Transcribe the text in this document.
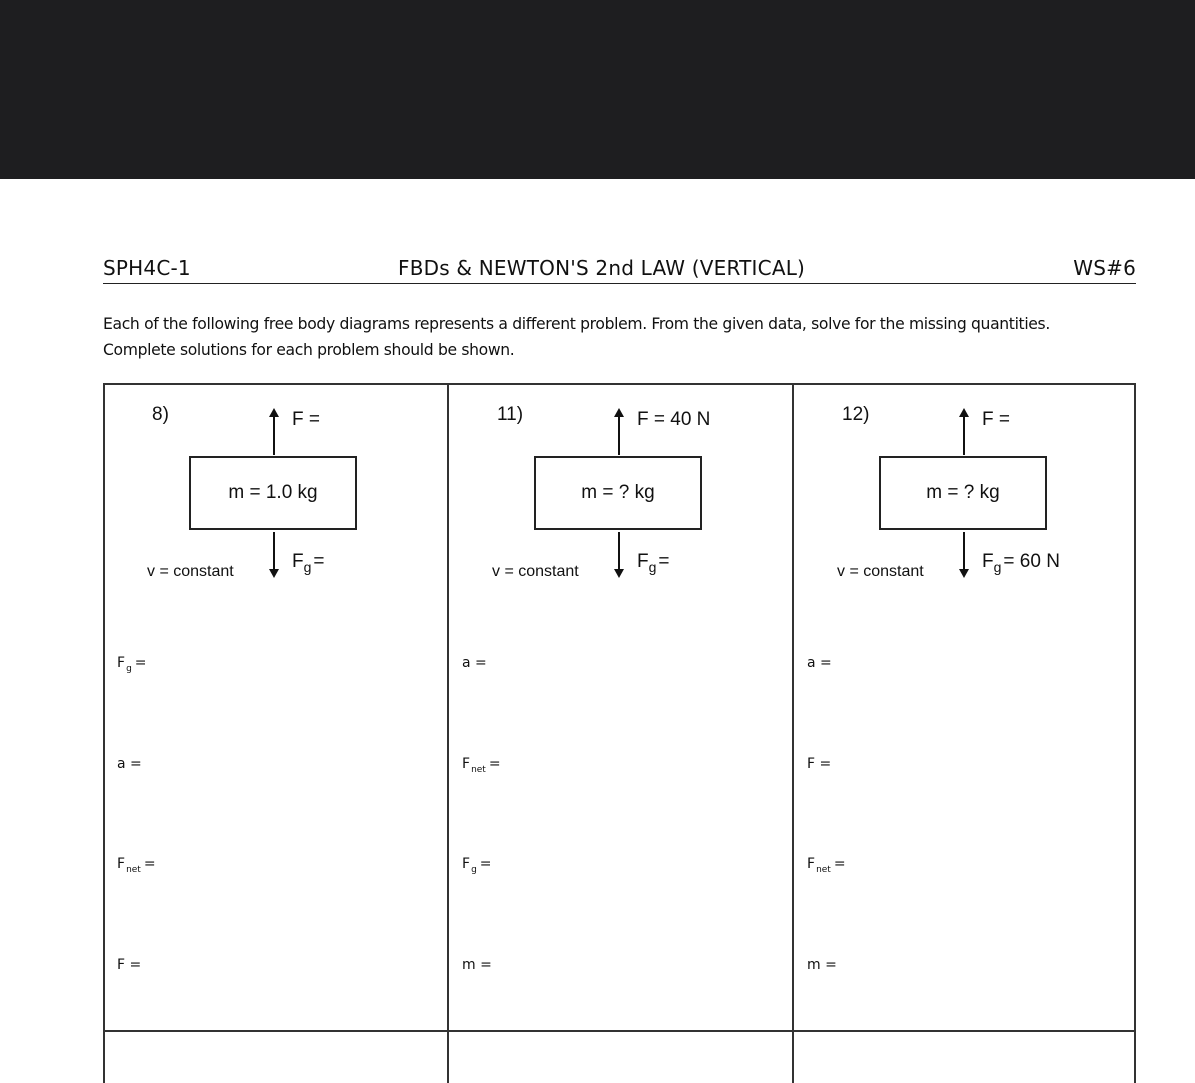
SPH4C-1	FBDs & NEWTON'S 2nd LAW (VERTICAL)	WS#6
Each of the following free body diagrams represents a different problem. From the given data, solve for the missing quantities.
Complete solutions for each problem should be shown.
8)	F =
m = 1.0 kg
$F_g$ =
v = constant
$F_g$ =
a =
$F_{net}$ =
F =
11)	F = 40 N
m = ? kg
$F_g$ =
v = constant
a =
$F_{net}$ =
$F_g$ =
m =
12)	F =
m = ? kg
$F_g = 60$ N
v = constant
a =
F =
$F_{net}$ =
m =
